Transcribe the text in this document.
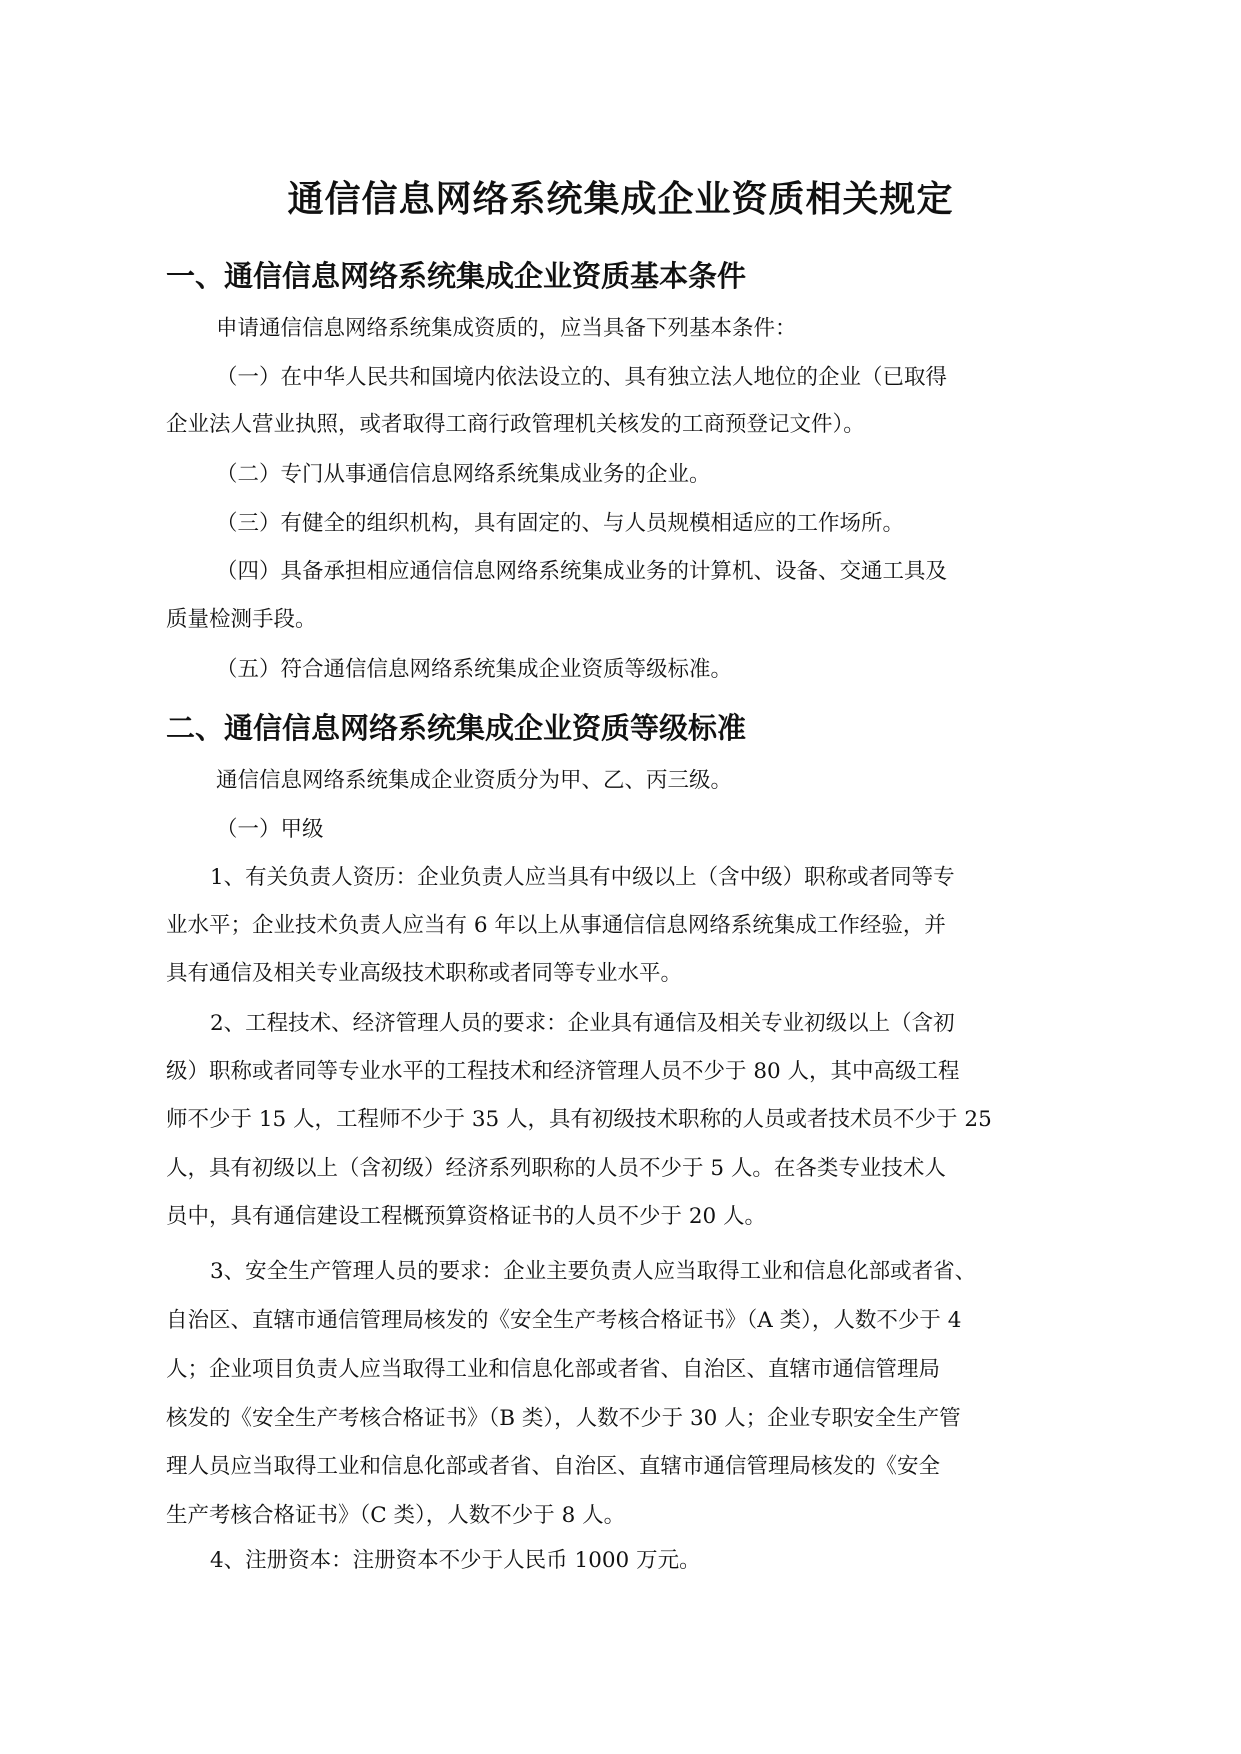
通信信息网络系统集成企业资质相关规定
一、通信信息网络系统集成企业资质基本条件
申请通信信息网络系统集成资质的，应当具备下列基本条件：
（一）在中华人民共和国境内依法设立的、具有独立法人地位的企业（已取得
企业法人营业执照，或者取得工商行政管理机关核发的工商预登记文件）。
（二）专门从事通信信息网络系统集成业务的企业。
（三）有健全的组织机构，具有固定的、与人员规模相适应的工作场所。
（四）具备承担相应通信信息网络系统集成业务的计算机、设备、交通工具及
质量检测手段。
（五）符合通信信息网络系统集成企业资质等级标准。
二、通信信息网络系统集成企业资质等级标准
通信信息网络系统集成企业资质分为甲、乙、丙三级。
（一）甲级
1、有关负责人资历：企业负责人应当具有中级以上（含中级）职称或者同等专
业水平；企业技术负责人应当有 6 年以上从事通信信息网络系统集成工作经验，并
具有通信及相关专业高级技术职称或者同等专业水平。
2、工程技术、经济管理人员的要求：企业具有通信及相关专业初级以上（含初
级）职称或者同等专业水平的工程技术和经济管理人员不少于 80 人，其中高级工程
师不少于 15 人，工程师不少于 35 人，具有初级技术职称的人员或者技术员不少于 25
人，具有初级以上（含初级）经济系列职称的人员不少于 5 人。在各类专业技术人
员中，具有通信建设工程概预算资格证书的人员不少于 20 人。
3、安全生产管理人员的要求：企业主要负责人应当取得工业和信息化部或者省、
自治区、直辖市通信管理局核发的《安全生产考核合格证书》（A 类），人数不少于 4
人；企业项目负责人应当取得工业和信息化部或者省、自治区、直辖市通信管理局
核发的《安全生产考核合格证书》（B 类），人数不少于 30 人；企业专职安全生产管
理人员应当取得工业和信息化部或者省、自治区、直辖市通信管理局核发的《安全
生产考核合格证书》（C 类），人数不少于 8 人。
4、注册资本：注册资本不少于人民币 1000 万元。
